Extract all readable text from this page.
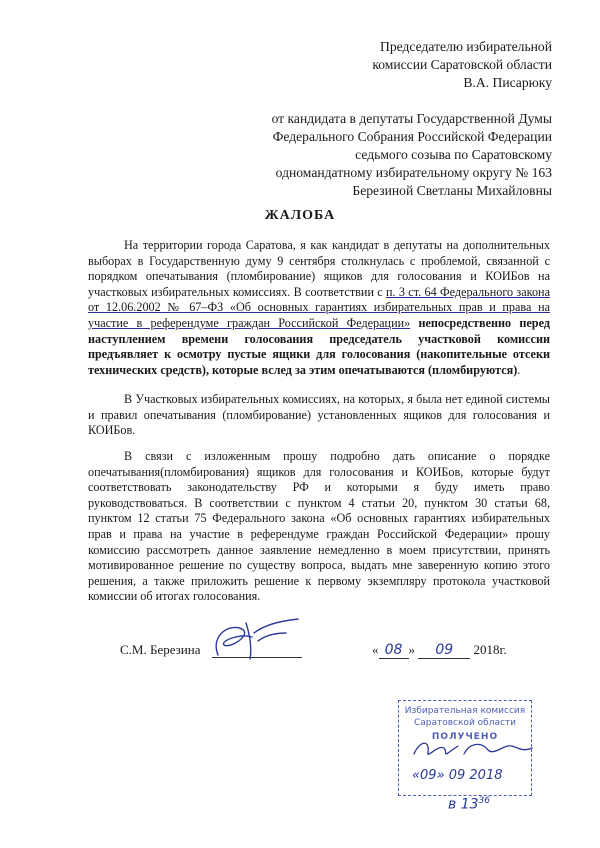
Председателю избирательной
комиссии Саратовской области
В.А. Писарюку
от кандидата в депутаты Государственной Думы
Федерального Собрания Российской Федерации
седьмого созыва по Саратовскому
одномандатному избирательному округу № 163
Березиной Светланы Михайловны
ЖАЛОБА

На территории города Саратова, я как кандидат в депутаты на дополнительных выборах в Государственную думу 9 сентября столкнулась с проблемой, связанной с порядком опечатывания (пломбирование) ящиков для голосования и КОИБов на участковых избирательных комиссиях. В соответствии с п. 3 ст. 64 Федерального закона от 12.06.2002 № 67–ФЗ «Об основных гарантиях избирательных прав и права на участие в референдуме граждан Российской Федерации» непосредственно перед наступлением времени голосования председатель участковой комиссии предъявляет к осмотру пустые ящики для голосования (накопительные отсеки технических средств), которые вслед за этим опечатываются (пломбируются).

В Участковых избирательных комиссиях, на которых, я была нет единой системы и правил опечатывания (пломбирование) установленных ящиков для голосования и КОИБов.

В связи с изложенным прошу подробно дать описание о порядке опечатывания(пломбирования) ящиков для голосования и КОИБов, которые будут соответствовать законодательству РФ и которыми я буду иметь право руководствоваться. В соответствии с пунктом 4 статьи 20, пунктом 30 статьи 68, пунктом 12 статьи 75 Федерального закона «Об основных гарантиях избирательных прав и права на участие в референдуме граждан Российской Федерации» прошу комиссию рассмотреть данное заявление немедленно в моем присутствии, принять мотивированное решение по существу вопроса, выдать мне заверенную копию этого решения, а также приложить решение к первому экземпляру протокола участковой комиссии об итогах голосования.

С.М. Березина	« 08 » 09 2018г.
Избирательная комиссия
Саратовской области
ПОЛУЧЕНО
«09» 09 2018
в $13^{36}$
